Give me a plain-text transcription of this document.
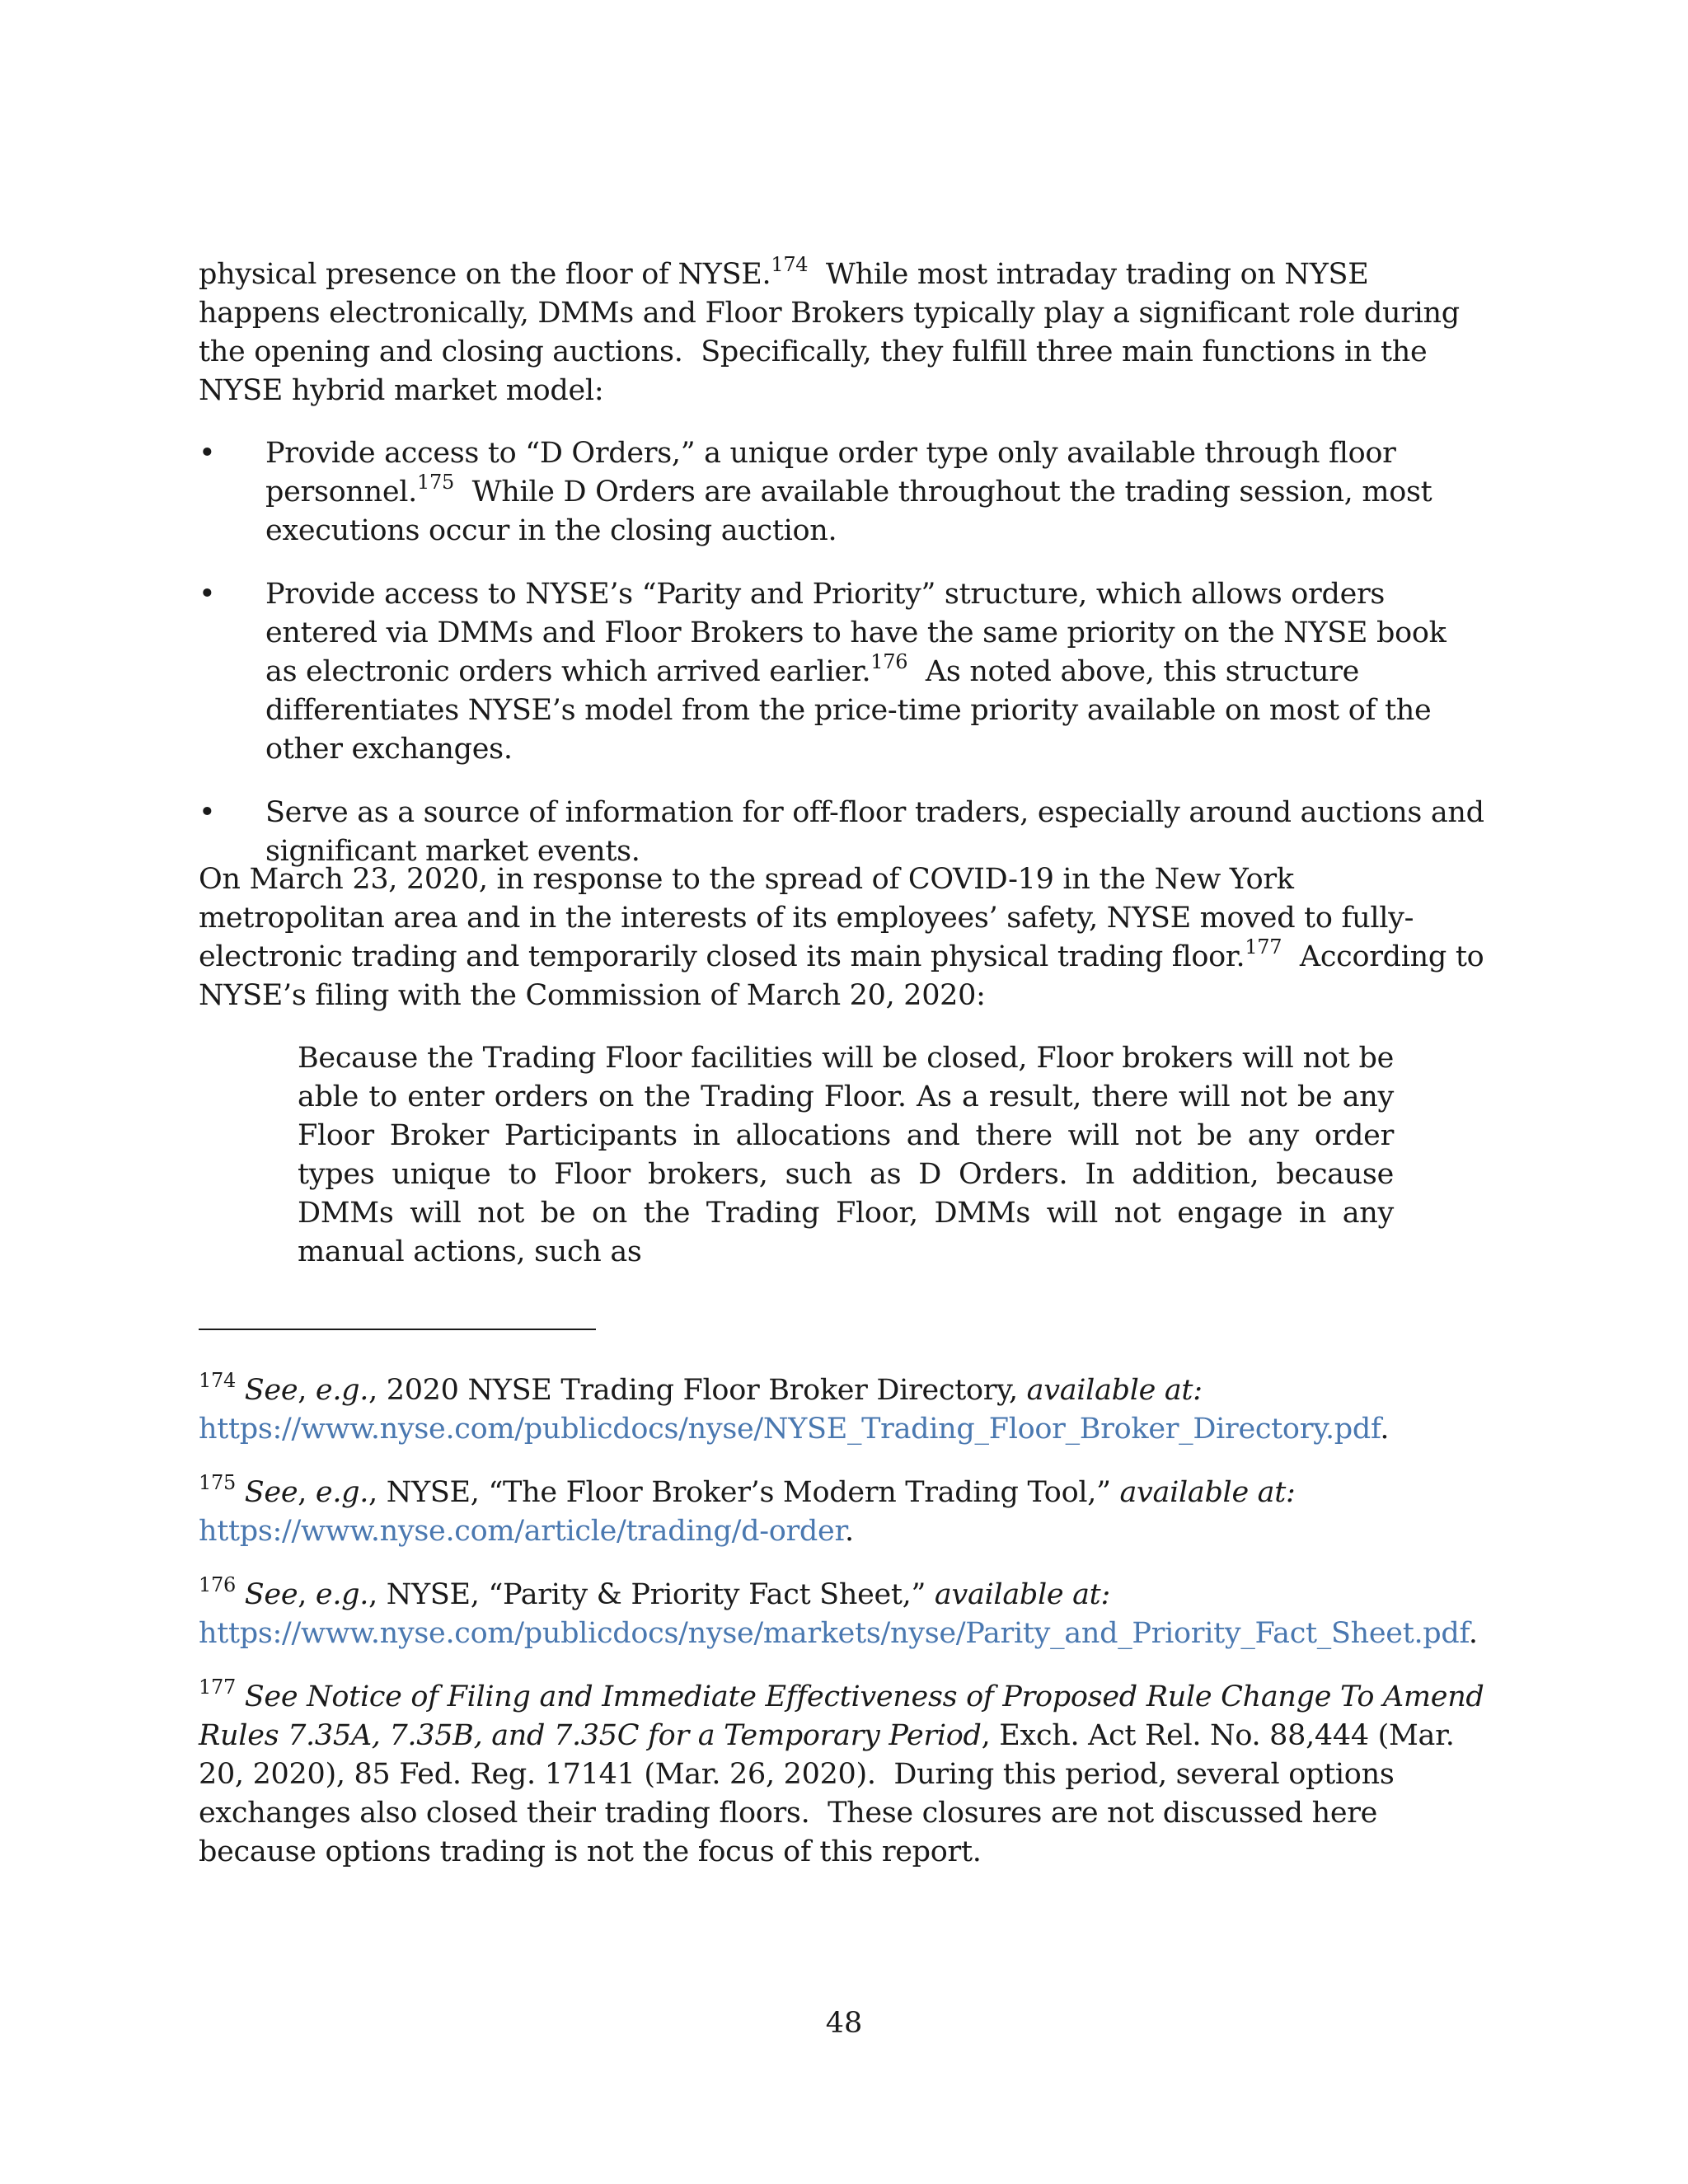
physical presence on the floor of NYSE.$^{174}$  While most intraday trading on NYSE happens electronically, DMMs and Floor Brokers typically play a significant role during the opening and closing auctions.  Specifically, they fulfill three main functions in the NYSE hybrid market model:

• Provide access to “D Orders,” a unique order type only available through floor personnel.$^{175}$  While D Orders are available throughout the trading session, most executions occur in the closing auction.
• Provide access to NYSE’s “Parity and Priority” structure, which allows orders entered via DMMs and Floor Brokers to have the same priority on the NYSE book as electronic orders which arrived earlier.$^{176}$  As noted above, this structure differentiates NYSE’s model from the price-time priority available on most of the other exchanges.
• Serve as a source of information for off-floor traders, especially around auctions and significant market events.

On March 23, 2020, in response to the spread of COVID-19 in the New York metropolitan area and in the interests of its employees’ safety, NYSE moved to fully-electronic trading and temporarily closed its main physical trading floor.$^{177}$  According to NYSE’s filing with the Commission of March 20, 2020:

Because the Trading Floor facilities will be closed, Floor brokers will not be able to enter orders on the Trading Floor. As a result, there will not be any Floor Broker Participants in allocations and there will not be any order types unique to Floor brokers, such as D Orders. In addition, because DMMs will not be on the Trading Floor, DMMs will not engage in any manual actions, such as

$^{174}$ See, e.g., 2020 NYSE Trading Floor Broker Directory, available at:
https://www.nyse.com/publicdocs/nyse/NYSE_Trading_Floor_Broker_Directory.pdf.

$^{175}$ See, e.g., NYSE, “The Floor Broker’s Modern Trading Tool,” available at:
https://www.nyse.com/article/trading/d-order.

$^{176}$ See, e.g., NYSE, “Parity & Priority Fact Sheet,” available at:
https://www.nyse.com/publicdocs/nyse/markets/nyse/Parity_and_Priority_Fact_Sheet.pdf.

$^{177}$ See Notice of Filing and Immediate Effectiveness of Proposed Rule Change To Amend Rules 7.35A, 7.35B, and 7.35C for a Temporary Period, Exch. Act Rel. No. 88,444 (Mar. 20, 2020), 85 Fed. Reg. 17141 (Mar. 26, 2020).  During this period, several options exchanges also closed their trading floors.  These closures are not discussed here because options trading is not the focus of this report.

48
